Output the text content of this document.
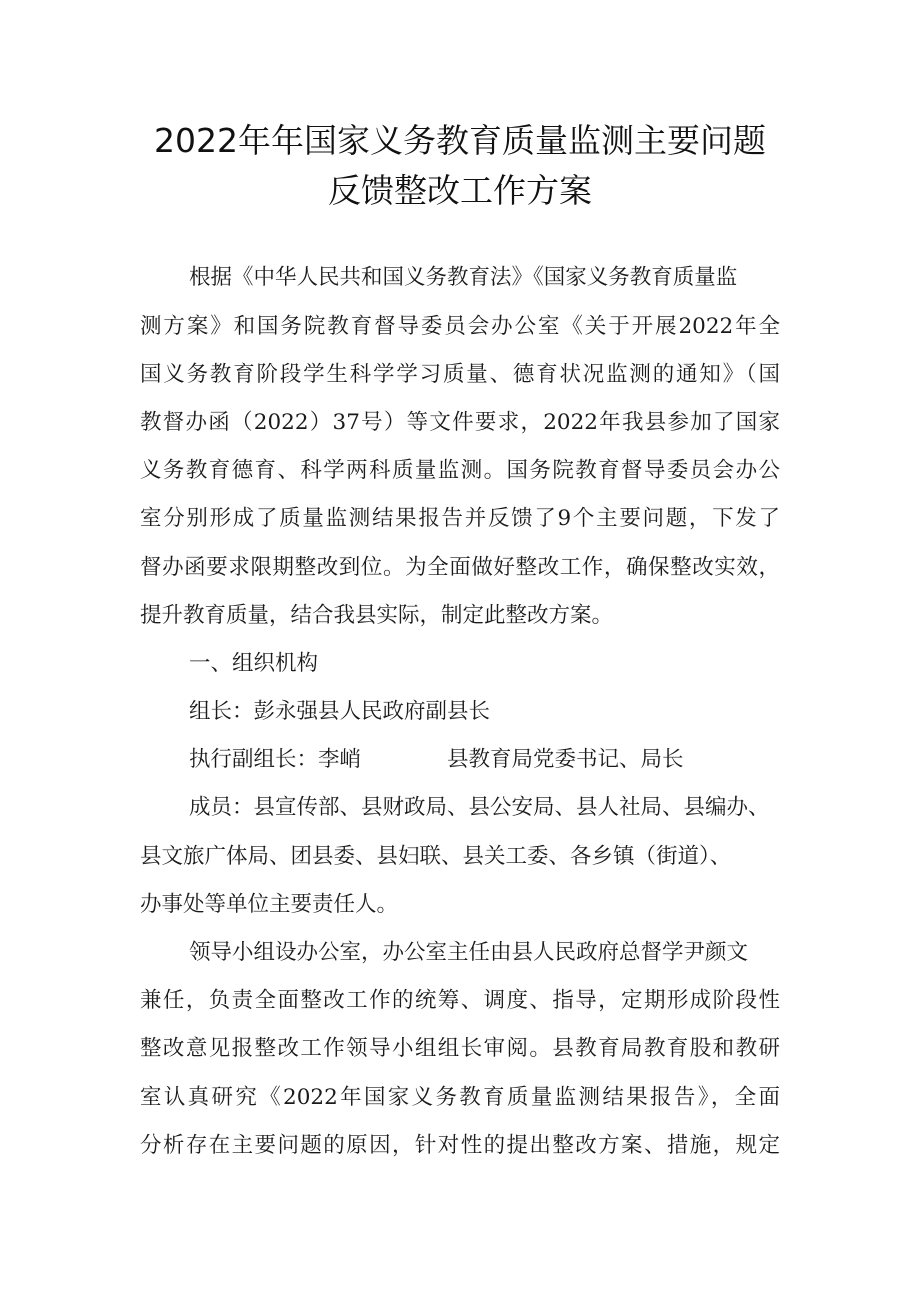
2022年年国家义务教育质量监测主要问题
反馈整改工作方案
根据《中华人民共和国义务教育法》《国家义务教育质量监
测方案》和国务院教育督导委员会办公室《关于开展2022年全
国义务教育阶段学生科学学习质量、德育状况监测的通知》（国
教督办函（2022）37号）等文件要求，2022年我县参加了国家
义务教育德育、科学两科质量监测。国务院教育督导委员会办公
室分别形成了质量监测结果报告并反馈了9个主要问题，下发了
督办函要求限期整改到位。为全面做好整改工作，确保整改实效，
提升教育质量，结合我县实际，制定此整改方案。
一、组织机构
组长：彭永强县人民政府副县长
执行副组长：李峭	县教育局党委书记、局长
成员：县宣传部、县财政局、县公安局、县人社局、县编办、
县文旅广体局、团县委、县妇联、县关工委、各乡镇（街道）、
办事处等单位主要责任人。
领导小组设办公室，办公室主任由县人民政府总督学尹颜文
兼任，负责全面整改工作的统筹、调度、指导，定期形成阶段性
整改意见报整改工作领导小组组长审阅。县教育局教育股和教研
室认真研究《2022年国家义务教育质量监测结果报告》，全面
分析存在主要问题的原因，针对性的提出整改方案、措施，规定
